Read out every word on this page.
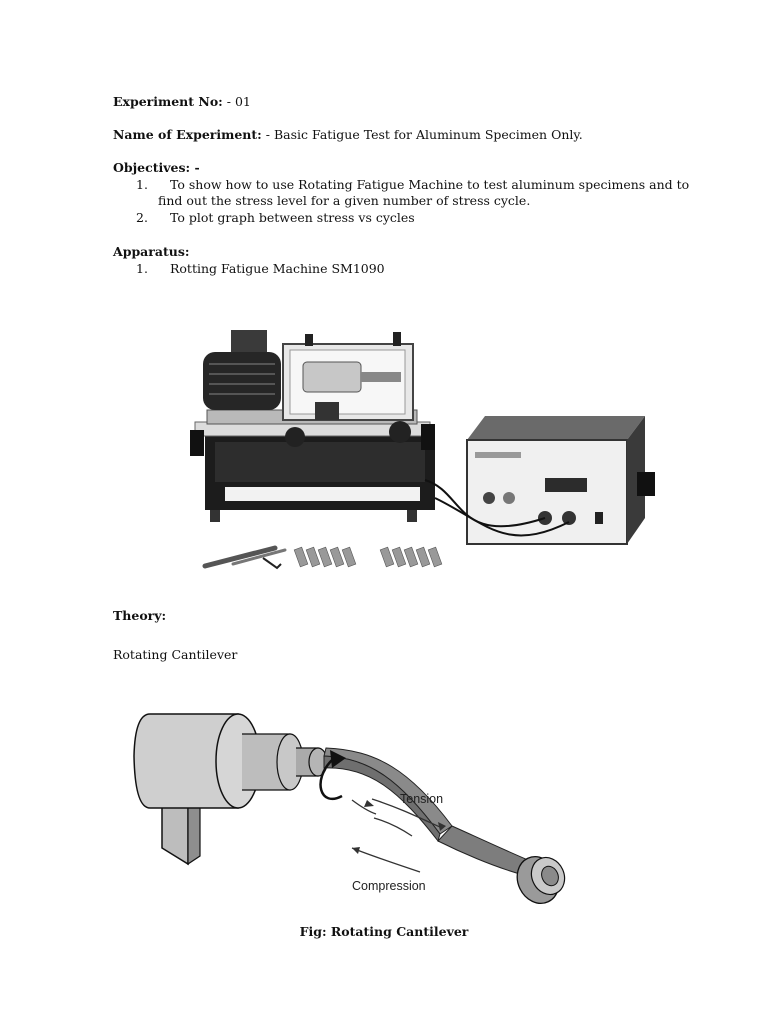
Experiment No: - 01
Name of Experiment: - Basic Fatigue Test for Aluminum Specimen Only.
Objectives: -
1. To show how to use Rotating Fatigue Machine to test aluminum specimens and to
find out the stress level for a given number of stress cycle.
2. To plot graph between stress vs cycles
Apparatus:
1. Rotting Fatigue Machine SM1090
Theory:
Rotating Cantilever
Tension
Compression
Fig: Rotating Cantilever
